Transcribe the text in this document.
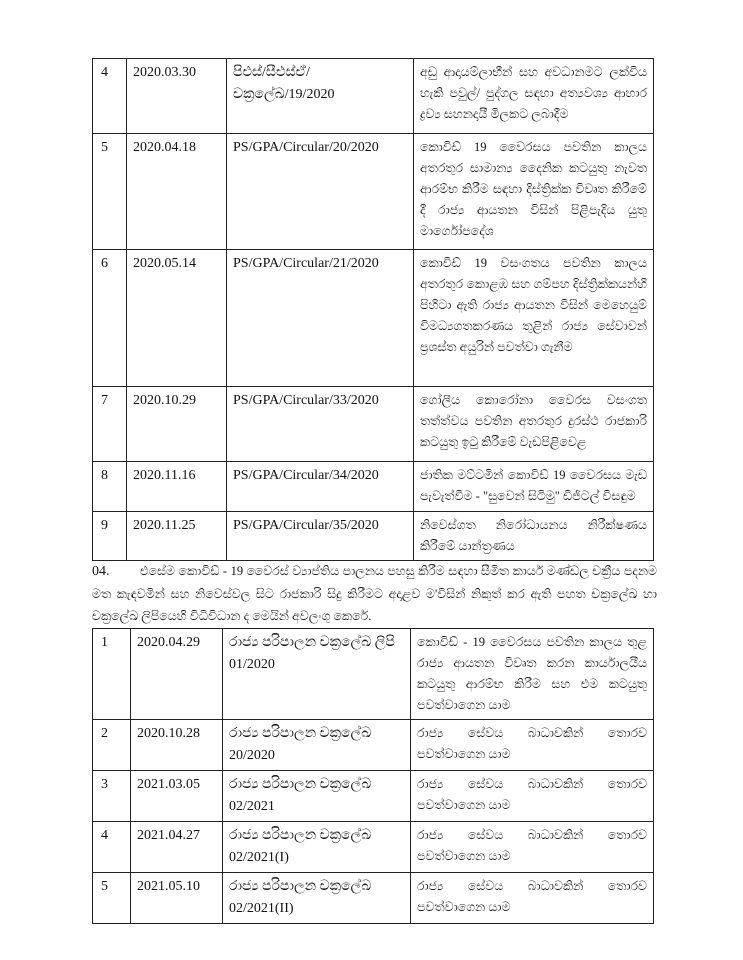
4	2020.03.30	පිඑස්/සීඑස්ඒ/චක්‍රලේඛ/19/2020	අඩු ආදායම්ලාභීන් සහ අවධානමට ලක්විය හැකි පවුල්/ පුද්ගල සඳහා අත්‍යවශ්‍ය ආහාර ද්‍රව්‍ය සහනදායී මිලකට ලබාදීම
5	2020.04.18	PS/GPA/Circular/20/2020	කොවිඩ් 19 වෛරසය පවතින කාලය අතරතුර සාමාන්‍ය දෛනික කටයුතු නැවත ආරම්භ කිරීම සඳහා දිස්ත්‍රික්ක විවෘත කිරීමේ දී රාජ්‍ය ආයතන විසින් පිළිපැදිය යුතු මාර්ගෝපදේශ
6	2020.05.14	PS/GPA/Circular/21/2020	කොවිඩ් 19 වසංගතය පවතින කාලය අතරතුර කොළඹ සහ ගම්පහ දිස්ත්‍රික්කයන්හි පිහිටා ඇති රාජ්‍ය ආයතන විසින් මෙහෙයුම් විමධ්‍යගතකරණය තුළින් රාජ්‍ය සේවාවන් ප්‍රශස්ත අයුරින් පවත්වා ගැනීම
7	2020.10.29	PS/GPA/Circular/33/2020	ගෝලීය කොරෝනා වෛරස වසංගත තත්ත්වය පවතින අතරතුර දුරස්ථ රාජකාරි කටයුතු ඉටු කිරීමේ වැඩපිළිවෙළ
8	2020.11.16	PS/GPA/Circular/34/2020	ජාතික මට්ටමින් කොවිඩ් 19 වෛරසය මැඩ පැවැත්වීම - "සුවෙන් සිටිමු" ඩිජිටල් විසඳුම
9	2020.11.25	PS/GPA/Circular/35/2020	නිවෙස්ගත නිරෝධායනය නිරීක්ෂණය කිරීමේ යාන්ත්‍රණය
04. එසේම කොවිඩ් - 19 වෛරස් ව්‍යාප්තිය පාලනය පහසු කිරීම සඳහා සීමිත කාර්ය මණ්ඩල චක්‍රීය පදනම මත කැඳවමින් සහ නිවෙස්වල සිට රාජකාරි සිදු කිරීමට අදාළව ම'විසින් නිකුත් කර ඇති පහත චක්‍රලේඛ හා චක්‍රලේඛ ලිපියෙහි විධිවිධාන ද මෙයින් අවලංගු කෙරේ.
1	2020.04.29	රාජ්‍ය පරිපාලන චක්‍රලේඛ ලිපි 01/2020	කොවිඩ් - 19 වෛරසය පවතින කාලය තුළ රාජ්‍ය ආයතන විවෘත කරන කාර්යාලයීය කටයුතු ආරම්භ කිරීම සහ එම කටයුතු පවත්වාගෙන යාම
2	2020.10.28	රාජ්‍ය පරිපාලන චක්‍රලේඛ 20/2020	රාජ්‍ය සේවය බාධාවකින් තොරව පවත්වාගෙන යාම
3	2021.03.05	රාජ්‍ය පරිපාලන චක්‍රලේඛ 02/2021	රාජ්‍ය සේවය බාධාවකින් තොරව පවත්වාගෙන යාම
4	2021.04.27	රාජ්‍ය පරිපාලන චක්‍රලේඛ 02/2021(I)	රාජ්‍ය සේවය බාධාවකින් තොරව පවත්වාගෙන යාම
5	2021.05.10	රාජ්‍ය පරිපාලන චක්‍රලේඛ 02/2021(II)	රාජ්‍ය සේවය බාධාවකින් තොරව පවත්වාගෙන යාම
